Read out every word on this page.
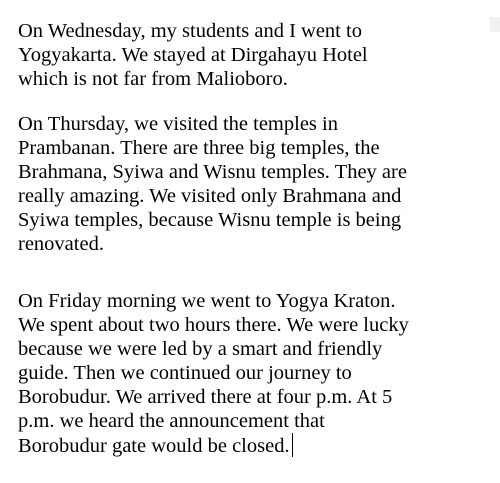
On Wednesday, my students and I went to
Yogyakarta. We stayed at Dirgahayu Hotel
which is not far from Malioboro.

On Thursday, we visited the temples in
Prambanan. There are three big temples, the
Brahmana, Syiwa and Wisnu temples. They are
really amazing. We visited only Brahmana and
Syiwa temples, because Wisnu temple is being
renovated.

On Friday morning we went to Yogya Kraton.
We spent about two hours there. We were lucky
because we were led by a smart and friendly
guide. Then we continued our journey to
Borobudur. We arrived there at four p.m. At 5
p.m. we heard the announcement that
Borobudur gate would be closed.
